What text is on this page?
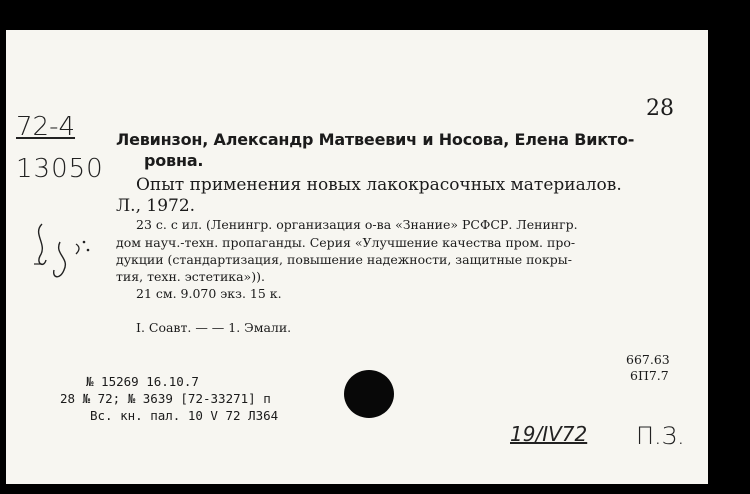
28
72-4
13050
Левинзон, Александр Матвеевич и Носова, Елена Викто-
ровна.
Опыт применения новых лакокрасочных материалов.
Л., 1972.
23 с. с ил. (Ленингр. организация о-ва «Знание» РСФСР. Ленингр.
дом науч.-техн. пропаганды. Серия «Улучшение качества пром. про-
дукции (стандартизация, повышение надежности, защитные покры-
тия, техн. эстетика»)).
21 см. 9.070 экз. 15 к.
I. Соавт. — — 1. Эмали.
667.63
6П7.7
№ 15269 16.10.7
28 № 72; № 3639 [72-33271] п
Вс. кн. пал. 10 V 72 Л364
19/IV72 П.З.
